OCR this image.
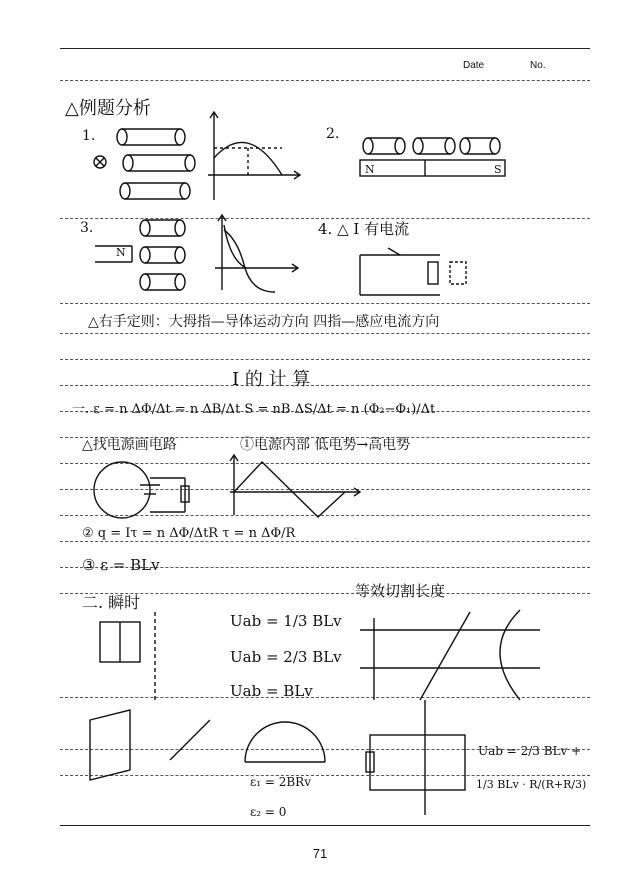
Date	No.
△例题分析
1.	2.
3.	4. △ I 有电流
N	S
N
△右手定则：大拇指—导体运动方向 四指—感应电流方向
I 的 计 算
一. ε = n ΔΦ/Δt = n ΔB/Δt S = nB ΔS/Δt = n (Φ₂−Φ₁)/Δt
△找电源画电路	①电源内部 低电势→高电势
② q = Iτ = n ΔΦ/ΔtR τ = n ΔΦ/R
③ ε = BLv
二. 瞬时
等效切割长度
Uab = 1/3 BLv
Uab = 2/3 BLv
Uab = BLv
ε₁ = 2BRv
ε₂ = 0
Uab = 2/3 BLv +
1/3 BLv · R/(R+R/3)
71
